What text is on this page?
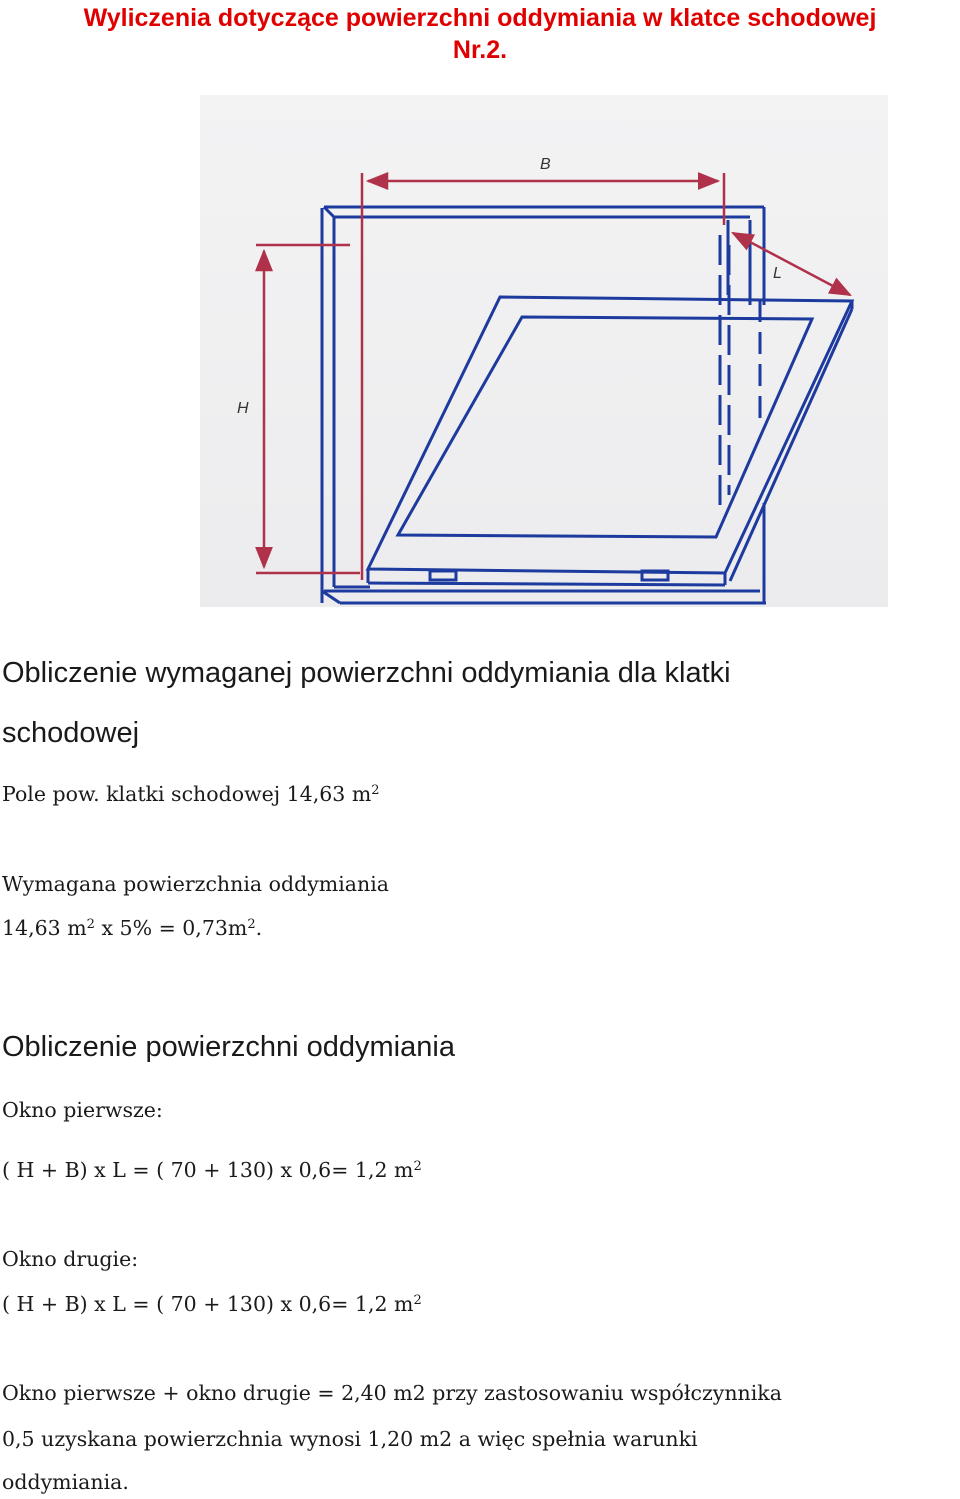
Wyliczenia dotyczące powierzchni oddymiania w klatce schodowej
Nr.2.
B
H
L

Obliczenie wymaganej powierzchni oddymiania dla klatki

schodowej

Pole pow. klatki schodowej 14,63 $m^2$

Wymagana powierzchnia oddymiania

14,63 $m^2$ x $5\% = 0,73m^2$.

Obliczenie powierzchni oddymiania

Okno pierwsze:

( H + B) x L = ( 70 + 130) x 0,6= 1,2 $m^2$

Okno drugie:

( H + B) x L = ( 70 + 130) x 0,6= 1,2 $m^2$

Okno pierwsze + okno drugie = 2,40 m2 przy zastosowaniu współczynnika

0,5 uzyskana powierzchnia wynosi 1,20 m2 a więc spełnia warunki

oddymiania.
